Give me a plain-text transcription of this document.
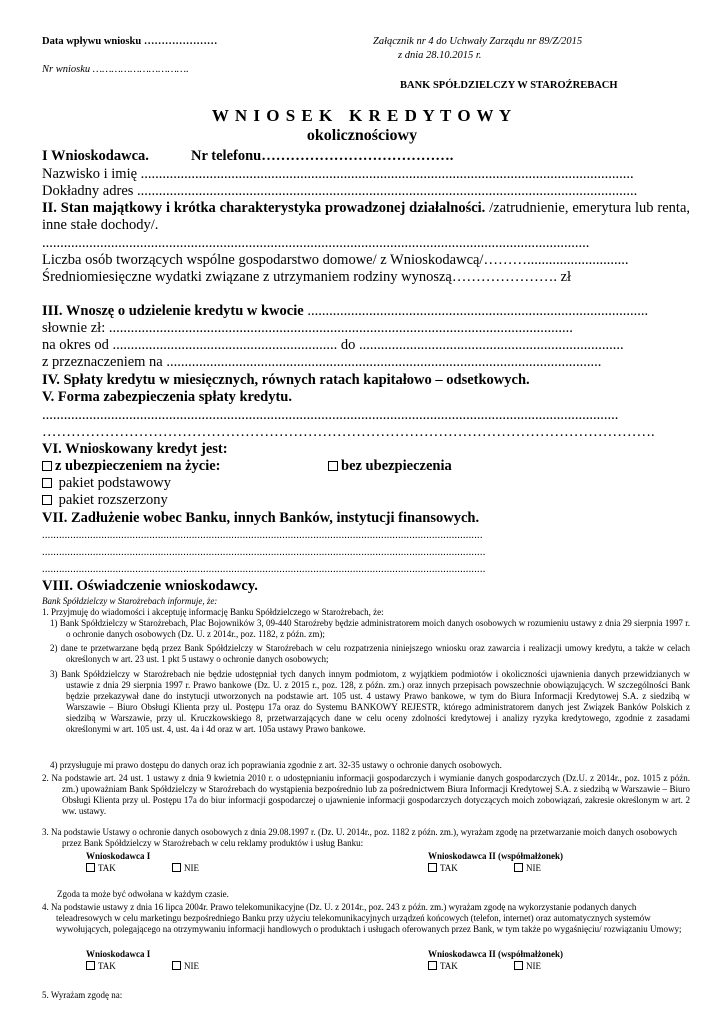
Data wpływu wniosku …………………
Nr wniosku ………………………….
Załącznik nr 4 do Uchwały Zarządu nr 89/Z/2015
z dnia 28.10.2015 r.
BANK SPÓŁDZIELCZY W STAROŹREBACH
W N I O S E K   K R E D Y T O W Y
okolicznościowy
I Wnioskodawca.	Nr telefonu………………………………….
Nazwisko i imię ........................................................................................................................................
Dokładny adres ..........................................................................................................................................
II. Stan majątkowy i krótka charakterystyka prowadzonej działalności. /zatrudnienie, emerytura lub renta, inne stałe dochody/.
.......................................................................................................................................................
Liczba osób tworzących wspólne gospodarstwo domowe/ z Wnioskodawcą/………............................
Średniomiesięczne wydatki związane z utrzymaniem rodziny wynoszą…………………. zł
III. Wnoszę o udzielenie kredytu w kwocie ..............................................................................................
słownie zł: ................................................................................................................................
na okres od .............................................................. do .........................................................................
z przeznaczeniem na ........................................................................................................................
IV. Spłaty kredytu w miesięcznych, równych ratach kapitałowo – odsetkowych.
V. Forma zabezpieczenia spłaty kredytu.
...............................................................................................................................................................
……………………………………………………………………………………………………………….
VI. Wnioskowany kredyt jest:
z ubezpieczeniem na życie:	bez ubezpieczenia
pakiet podstawowy
pakiet rozszerzony
VII. Zadłużenie wobec Banku, innych Banków, instytucji finansowych.
............................................................................................................................................................
.............................................................................................................................................................
.............................................................................................................................................................
VIII. Oświadczenie wnioskodawcy.
Bank Spółdzielczy w Starożrebach informuje, że:
1. Przyjmuję do wiadomości i akceptuję informację Banku Spółdzielczego w Starożrebach, że:
1) Bank Spółdzielczy w Starożrebach, Plac Bojowników 3, 09-440 Staroźreby będzie administratorem moich danych osobowych w rozumieniu ustawy z dnia 29 sierpnia 1997 r. o ochronie danych osobowych (Dz. U. z 2014r., poz. 1182, z późn. zm);
2) dane te przetwarzane będą przez Bank Spółdzielczy w Staroźrebach w celu rozpatrzenia niniejszego wniosku oraz zawarcia i realizacji umowy kredytu, a także w celach określonych w art. 23 ust. 1 pkt 5 ustawy o ochronie danych osobowych;
3) Bank Spółdzielczy w Staroźrebach nie będzie udostępniał tych danych innym podmiotom, z wyjątkiem podmiotów i okoliczności ujawnienia danych przewidzianych w ustawie z dnia 29 sierpnia 1997 r. Prawo bankowe (Dz. U. z 2015 r., poz. 128, z późn. zm.) oraz innych przepisach powszechnie obowiązujących. W szczególności Bank będzie przekazywał dane do instytucji utworzonych na podstawie art. 105 ust. 4 ustawy Prawo bankowe, w tym do Biura Informacji Kredytowej S.A. z siedzibą w Warszawie – Biuro Obsługi Klienta przy ul. Postępu 17a oraz do Systemu BANKOWY REJESTR, którego administratorem danych jest Związek Banków Polskich z siedzibą w Warszawie, przy ul. Kruczkowskiego 8, przetwarzających dane w celu oceny zdolności kredytowej i analizy ryzyka kredytowego, zgodnie z zasadami określonymi w art. 105 ust. 4, ust. 4a i 4d oraz w art. 105a ustawy Prawo bankowe.
4) przysługuje mi prawo dostępu do danych oraz ich poprawiania zgodnie z art. 32-35 ustawy o ochronie danych osobowych.
2. Na podstawie art. 24 ust. 1 ustawy z dnia 9 kwietnia 2010 r. o udostępnianiu informacji gospodarczych i wymianie danych gospodarczych (Dz.U. z 2014r., poz. 1015 z późn. zm.) upoważniam Bank Spółdzielczy w Staroźrebach do wystąpienia bezpośrednio lub za pośrednictwem Biura Informacji Kredytowej S.A. z siedzibą w Warszawie – Biuro Obsługi Klienta przy ul. Postępu 17a do biur informacji gospodarczej o ujawnienie informacji gospodarczych dotyczących moich zobowiązań, zakresie określonym w art. 2 ww. ustawy.
3. Na podstawie Ustawy o ochronie danych osobowych z dnia 29.08.1997 r. (Dz. U. 2014r., poz. 1182 z późn. zm.), wyrażam zgodę na przetwarzanie moich danych osobowych przez Bank Spółdzielczy w Staroźrebach w celu reklamy produktów i usług Banku:
Wnioskodawca I	Wnioskodawca II (współmałżonek)
TAK	NIE	TAK	NIE
Zgoda ta może być odwołana w każdym czasie.
4. Na podstawie ustawy z dnia 16 lipca 2004r. Prawo telekomunikacyjne (Dz. U. z 2014r., poz. 243 z późn. zm.) wyrażam zgodę na wykorzystanie podanych danych teleadresowych w celu marketingu bezpośredniego Banku przy użyciu telekomunikacyjnych urządzeń końcowych (telefon, internet) oraz automatycznych systemów wywołujących, polegającego na otrzymywaniu informacji handlowych o produktach i usługach oferowanych przez Bank, w tym także po wygaśnięciu/ rozwiązaniu Umowy;
Wnioskodawca I	Wnioskodawca II (współmałżonek)
TAK	NIE	TAK	NIE
5. Wyrażam zgodę na:
